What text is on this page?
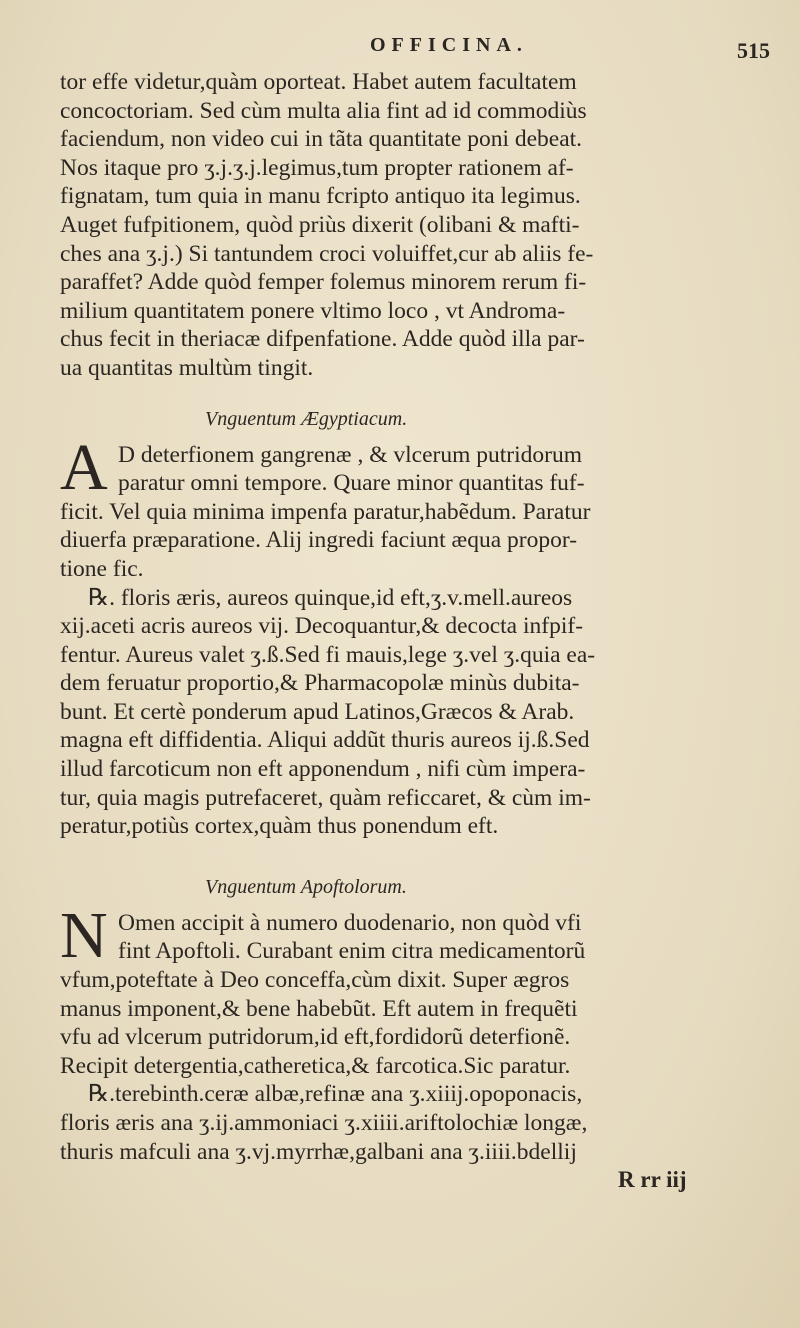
OFFICINA.	515
tor effe videtur,quàm oporteat. Habet autem facultatem
concoctoriam. Sed cùm multa alia fint ad id commodiùs
faciendum, non video cui in tãta quantitate poni debeat.
Nos itaque pro ʒ.j.ʒ.j.legimus,tum propter rationem af-
fignatam, tum quia in manu fcripto antiquo ita legimus.
Auget fufpitionem, quòd priùs dixerit (olibani & mafti-
ches ana ʒ.j.) Si tantundem croci voluiffet,cur ab aliis fe-
paraffet? Adde quòd femper folemus minorem rerum fi-
milium quantitatem ponere vltimo loco , vt Androma-
chus fecit in theriacæ difpenfatione. Adde quòd illa par-
ua quantitas multùm tingit.
Vnguentum Ægyptiacum.
A D deterfionem gangrenæ , & vlcerum putridorum
paratur omni tempore. Quare minor quantitas fuf-
ficit. Vel quia minima impenfa paratur,habẽdum. Paratur
diuerfa præparatione. Alij ingredi faciunt æqua propor-
tione fic.
℞. floris æris, aureos quinque,id eft,ʒ.v.mell.aureos
xij.aceti acris aureos vij. Decoquantur,& decocta infpif-
fentur. Aureus valet ʒ.ß.Sed fi mauis,lege ʒ.vel ʒ.quia ea-
dem feruatur proportio,& Pharmacopolæ minùs dubita-
bunt. Et certè ponderum apud Latinos,Græcos & Arab.
magna eft diffidentia. Aliqui addũt thuris aureos ij.ß.Sed
illud farcoticum non eft apponendum , nifi cùm impera-
tur, quia magis putrefaceret, quàm reficcaret, & cùm im-
peratur,potiùs cortex,quàm thus ponendum eft.
Vnguentum Apoftolorum.
N Omen accipit à numero duodenario, non quòd vfi
fint Apoftoli. Curabant enim citra medicamentorũ
vfum,poteftate à Deo conceffa,cùm dixit. Super ægros
manus imponent,& bene habebũt. Eft autem in frequẽti
vfu ad vlcerum putridorum,id eft,fordidorũ deterfionẽ.
Recipit detergentia,catheretica,& farcotica.Sic paratur.
℞.terebinth.ceræ albæ,refinæ ana ʒ.xiiij.opoponacis,
floris æris ana ʒ.ij.ammoniaci ʒ.xiiii.ariftolochiæ longæ,
thuris mafculi ana ʒ.vj.myrrhæ,galbani ana ʒ.iiii.bdellij
R rr iij
